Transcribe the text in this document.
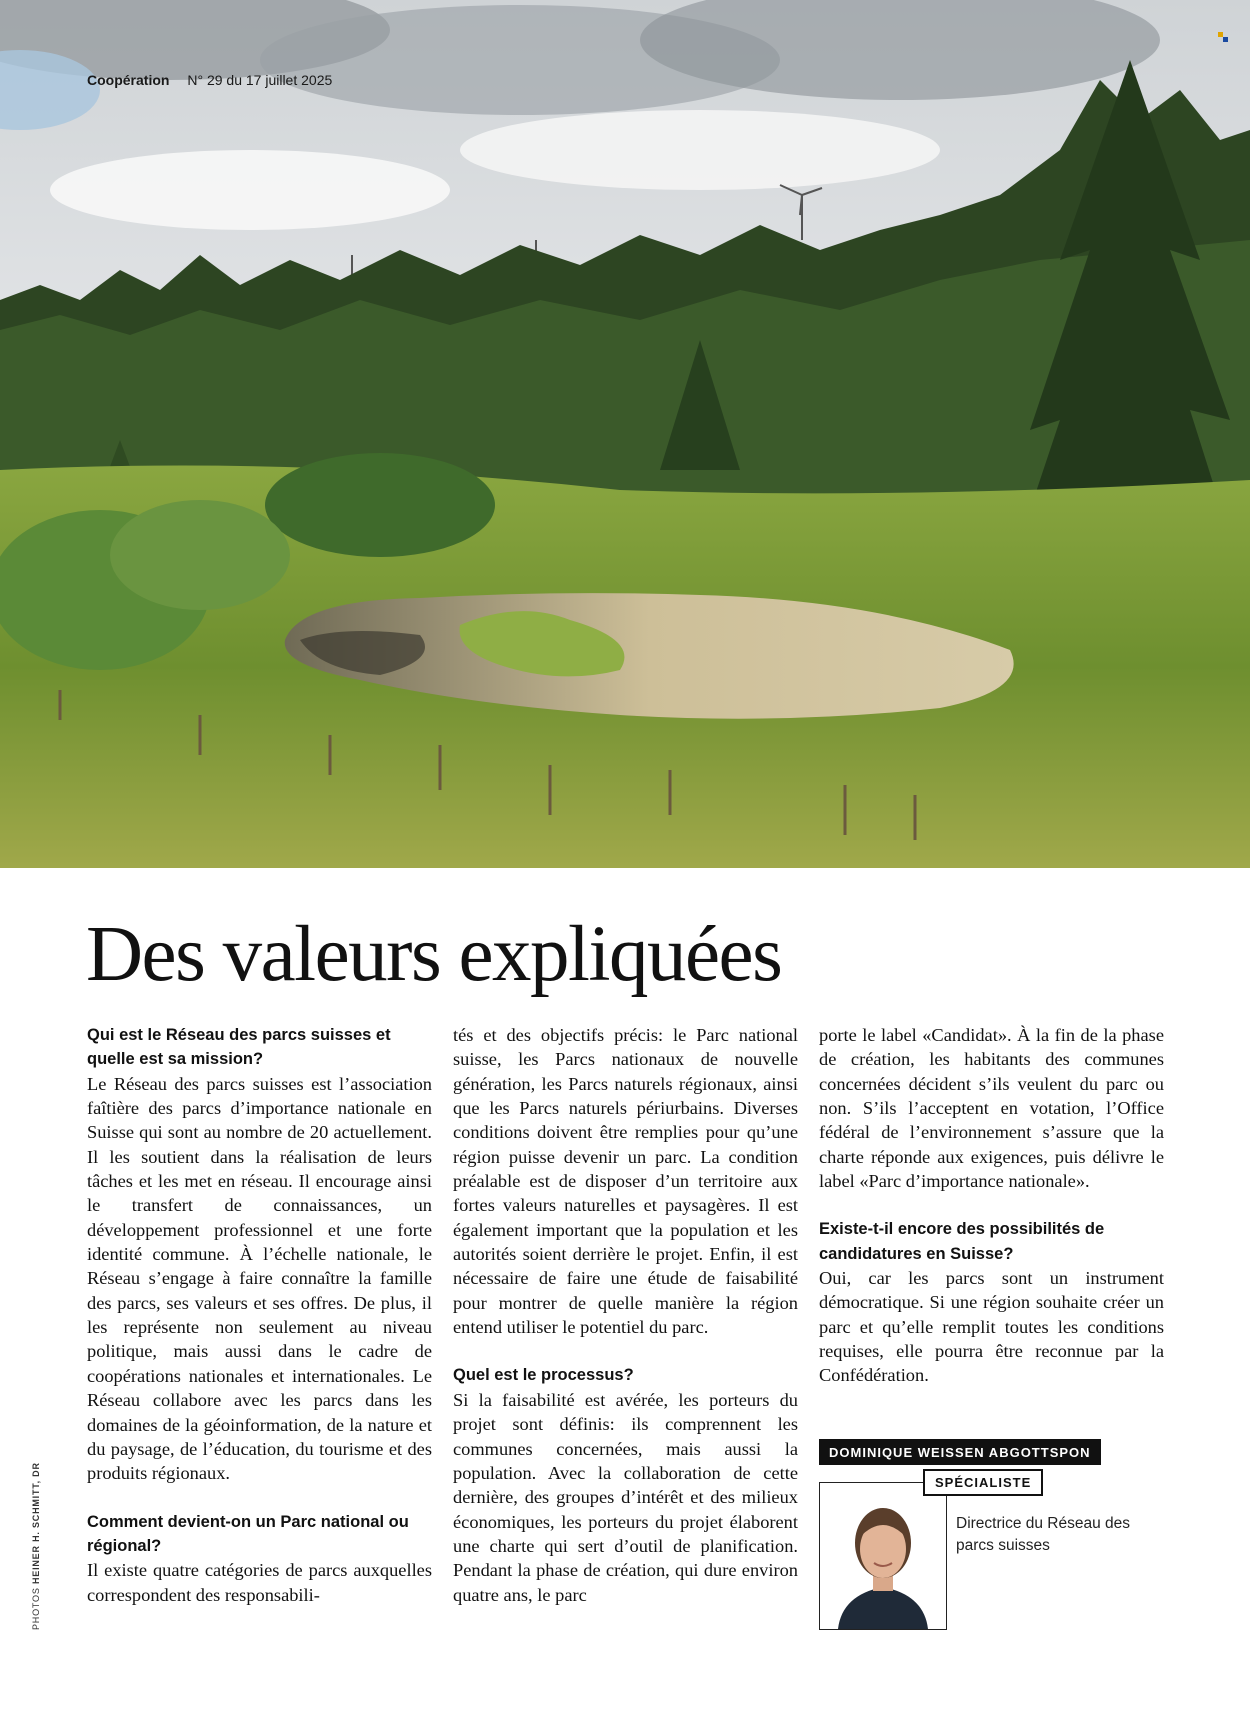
Coopération N° 29 du 17 juillet 2025
Des valeurs expliquées
Qui est le Réseau des parcs suisses et quelle est sa mission?

Le Réseau des parcs suisses est l’association faîtière des parcs d’importance nationale en Suisse qui sont au nombre de 20 actuellement. Il les soutient dans la réalisation de leurs tâches et les met en réseau. Il encourage ainsi le transfert de connaissances, un développement professionnel et une forte identité commune. À l’échelle nationale, le Réseau s’engage à faire connaître la famille des parcs, ses valeurs et ses offres. De plus, il les représente non seulement au niveau politique, mais aussi dans le cadre de coopérations nationales et internationales. Le Réseau collabore avec les parcs dans les domaines de la géoinformation, de la nature et du paysage, de l’éducation, du tourisme et des produits régionaux.

Comment devient-on un Parc national ou régional?

Il existe quatre catégories de parcs auxquelles correspondent des responsabili-

tés et des objectifs précis: le Parc national suisse, les Parcs nationaux de nouvelle génération, les Parcs naturels régionaux, ainsi que les Parcs naturels périurbains. Diverses conditions doivent être remplies pour qu’une région puisse devenir un parc. La condition préalable est de disposer d’un territoire aux fortes valeurs naturelles et paysagères. Il est également important que la population et les autorités soient derrière le projet. Enfin, il est nécessaire de faire une étude de faisabilité pour montrer de quelle manière la région entend utiliser le potentiel du parc.

Quel est le processus?

Si la faisabilité est avérée, les porteurs du projet sont définis: ils comprennent les communes concernées, mais aussi la population. Avec la collaboration de cette dernière, des groupes d’intérêt et des milieux économiques, les porteurs du projet élaborent une charte qui sert d’outil de planification. Pendant la phase de création, qui dure environ quatre ans, le parc

porte le label «Candidat». À la fin de la phase de création, les habitants des communes concernées décident s’ils veulent du parc ou non. S’ils l’acceptent en votation, l’Office fédéral de l’environnement s’assure que la charte réponde aux exigences, puis délivre le label «Parc d’importance nationale».

Existe-t-il encore des possibilités de candidatures en Suisse?

Oui, car les parcs sont un instrument démocratique. Si une région souhaite créer un parc et qu’elle remplit toutes les conditions requises, elle pourra être reconnue par la Confédération.

DOMINIQUE WEISSEN ABGOTTSPON
SPÉCIALISTE
Directrice du Réseau des parcs suisses
PHOTOS HEINER H. SCHMITT, DR
